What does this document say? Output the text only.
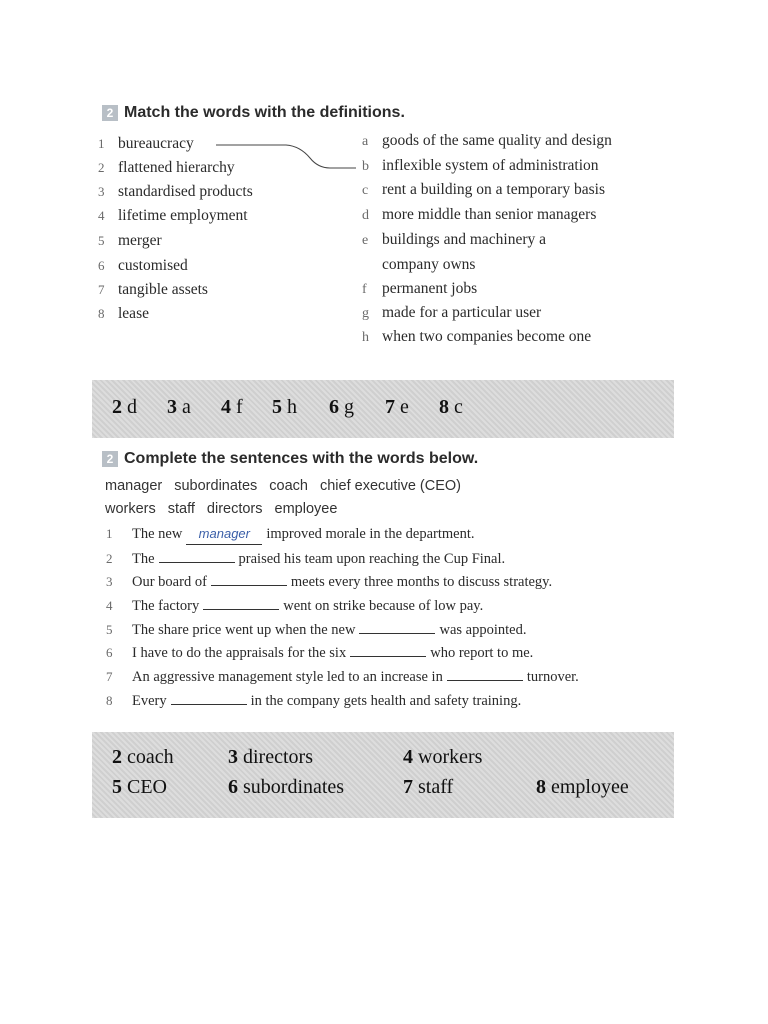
2 Match the words with the definitions.
1 bureaucracy
2 flattened hierarchy
3 standardised products
4 lifetime employment
5 merger
6 customised
7 tangible assets
8 lease
a goods of the same quality and design
b inflexible system of administration
c rent a building on a temporary basis
d more middle than senior managers
e buildings and machinery a
company owns
f permanent jobs
g made for a particular user
h when two companies become one
2 d	3 a	4 f	5 h	6 g	7 e	8 c
2 Complete the sentences with the words below.
manager subordinates coach chief executive (CEO)
workers staff directors employee
1 The new manager improved morale in the department.
2 The	praised his team upon reaching the Cup Final.
3 Our board of	meets every three months to discuss strategy.
4 The factory	went on strike because of low pay.
5 The share price went up when the new	was appointed.
6 I have to do the appraisals for the six	who report to me.
7 An aggressive management style led to an increase in	turnover.
8 Every	in the company gets health and safety training.
2 coach	3 directors	4 workers
5 CEO	6 subordinates	7 staff	8 employee
